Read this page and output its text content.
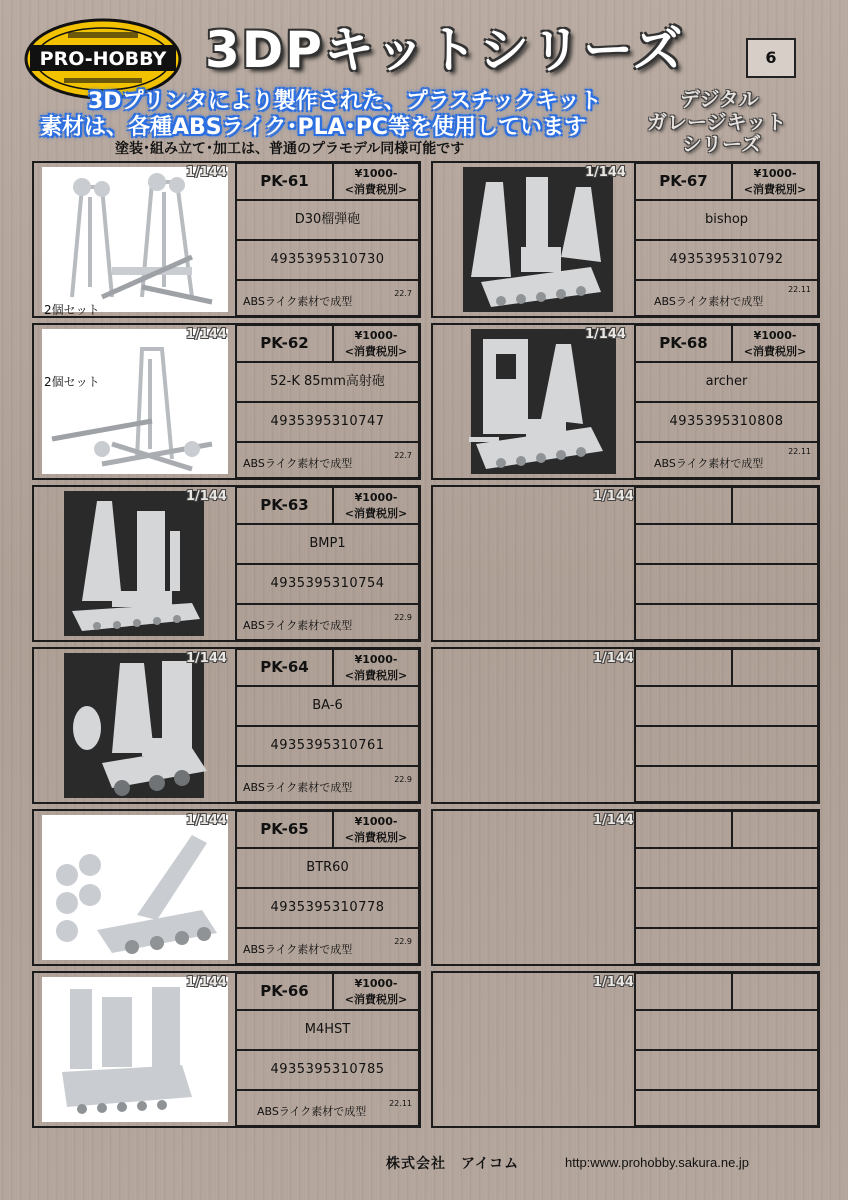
PRO-HOBBY 3DPキットシリーズ	6
3Dプリンタにより製作された、プラスチックキット
素材は、各種ABSライク･PLA･PC等を使用しています
デジタル
ガレージキット
シリーズ
塗装･組み立て･加工は、普通のプラモデル同様可能です
1/144
2個セット
PK-61	¥1000-
<消費税別>
D30榴弾砲
4935395310730
ABSライク素材で成型
22.7
1/144
2個セット
PK-62	¥1000-
<消費税別>
52-K 85mm高射砲
4935395310747
ABSライク素材で成型
22.7
1/144	PK-63	¥1000-
<消費税別>
BMP1
4935395310754
ABSライク素材で成型
22.9
1/144	PK-64	¥1000-
<消費税別>
BA-6
4935395310761
ABSライク素材で成型
22.9
1/144	PK-65	¥1000-
<消費税別>
BTR60
4935395310778
ABSライク素材で成型
22.9
1/144	PK-66	¥1000-
<消費税別>
M4HST
4935395310785
ABSライク素材で成型
22.11
1/144	PK-67	¥1000-
<消費税別>
bishop
4935395310792
ABSライク素材で成型
22.11
1/144	PK-68	¥1000-
<消費税別>
archer
4935395310808
ABSライク素材で成型
22.11
1/144
1/144
1/144
1/144
株式会社　アイコム	http:www.prohobby.sakura.ne.jp
